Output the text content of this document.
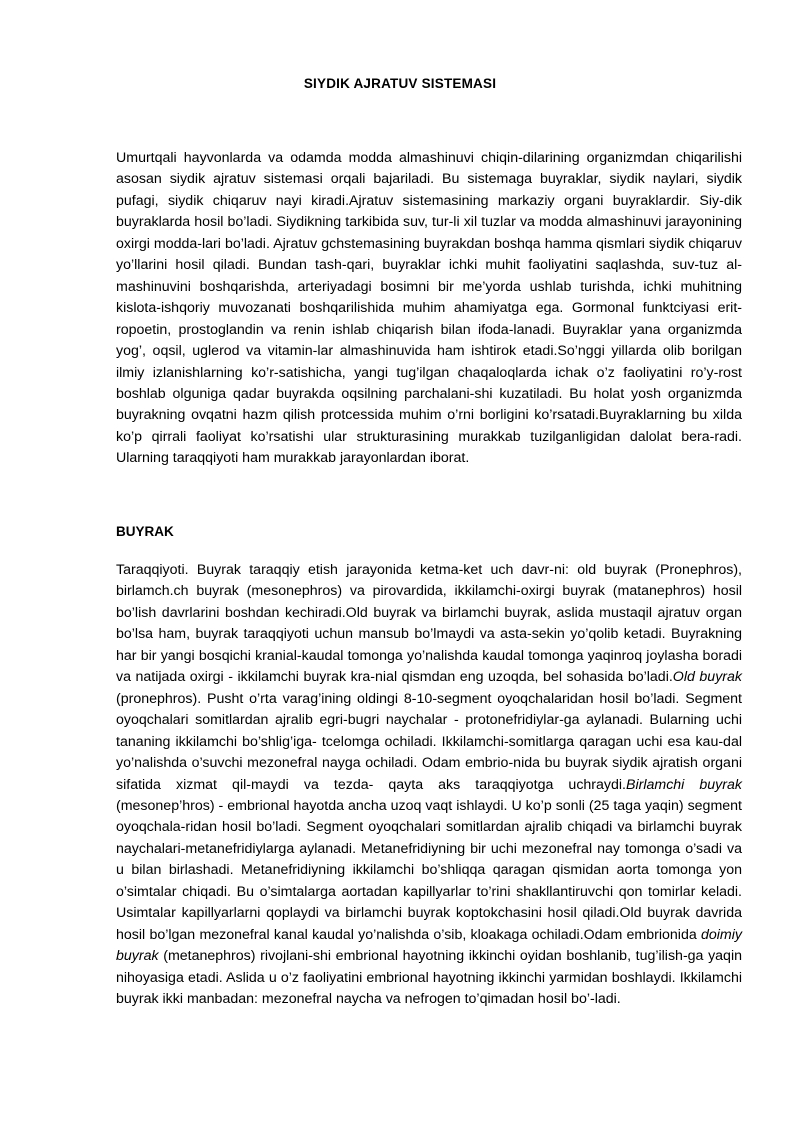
SIYDIK AJRATUV SISTEMASI

Umurtqali hayvonlarda va odamda modda almashinuvi chiqin-dilarining organizmdan chiqarilishi asosan siydik ajratuv sistemasi orqali bajariladi. Bu sistemaga buyraklar, siydik naylari, siydik pufagi, siydik chiqaruv nayi kiradi.Ajratuv sistemasining markaziy organi buyraklardir. Siy-dik buyraklarda hosil bo’ladi. Siydikning tarkibida suv, tur-li xil tuzlar va modda almashinuvi jarayonining oxirgi modda-lari bo’ladi. Ajratuv gchstemasining buyrakdan boshqa hamma qismlari siydik chiqaruv yo’llarini hosil qiladi. Bundan tash-qari, buyraklar ichki muhit faoliyatini saqlashda, suv-tuz al-mashinuvini boshqarishda, arteriyadagi bosimni bir me’yorda ushlab turishda, ichki muhitning kislota-ishqoriy muvozanati boshqarilishida muhim ahamiyatga ega. Gormonal funktciyasi erit-ropoetin, prostoglandin va renin ishlab chiqarish bilan ifoda-lanadi. Buyraklar yana organizmda yog’, oqsil, uglerod va vitamin-lar almashinuvida ham ishtirok etadi.So’nggi yillarda olib borilgan ilmiy izlanishlarning ko’r-satishicha, yangi tug’ilgan chaqaloqlarda ichak o’z faoliyatini ro’y-rost boshlab olguniga qadar buyrakda oqsilning parchalani-shi kuzatiladi. Bu holat yosh organizmda buyrakning ovqatni hazm qilish protcessida muhim o’rni borligini ko’rsatadi.Buyraklarning bu xilda ko’p qirrali faoliyat ko’rsatishi ular strukturasining murakkab tuzilganligidan dalolat bera-radi. Ularning taraqqiyoti ham murakkab jarayonlardan iborat.

BUYRAK

Taraqqiyoti. Buyrak taraqqiy etish jarayonida ketma-ket uch davr-ni: old buyrak (Pronephros), birlamch.ch buyrak (mesonephros) va pirovardida, ikkilamchi-oxirgi buyrak (matanephros) hosil bo’lish davrlarini boshdan kechiradi.Old buyrak va birlamchi buyrak, aslida mustaqil ajratuv organ bo’lsa ham, buyrak taraqqiyoti uchun mansub bo’lmaydi va asta-sekin yo’qolib ketadi. Buyrakning har bir yangi bosqichi kranial-kaudal tomonga yo’nalishda kaudal tomonga yaqinroq joylasha boradi va natijada oxirgi - ikkilamchi buyrak kra-nial qismdan eng uzoqda, bel sohasida bo’ladi.Old buyrak (pronephros). Pusht o’rta varag’ining oldingi 8-10-segment oyoqchalaridan hosil bo’ladi. Segment oyoqchalari somitlardan ajralib egri-bugri naychalar - protonefridiylar-ga aylanadi. Bularning uchi tananing ikkilamchi bo’shlig’iga- tcelomga ochiladi. Ikkilamchi-somitlarga qaragan uchi esa kau-dal yo’nalishda o’suvchi mezonefral nayga ochiladi. Odam embrio-nida bu buyrak siydik ajratish organi sifatida xizmat qil-maydi va tezda- qayta aks taraqqiyotga uchraydi.Birlamchi buyrak (mesonep’hros) - embrional hayotda ancha uzoq vaqt ishlaydi. U ko’p sonli (25 taga yaqin) segment oyoqchala-ridan hosil bo’ladi. Segment oyoqchalari somitlardan ajralib chiqadi va birlamchi buyrak naychalari-metanefridiylarga aylanadi. Metanefridiyning bir uchi mezonefral nay tomonga o’sadi va u bilan birlashadi. Metanefridiyning ikkilamchi bo’shliqqa qaragan qismidan aorta tomonga yon o’simtalar chiqadi. Bu o’simtalarga aortadan kapillyarlar to’rini shakllantiruvchi qon tomirlar keladi. Usimtalar kapillyarlarni qoplaydi va birlamchi buyrak koptokchasini hosil qiladi.Old buyrak davrida hosil bo’lgan mezonefral kanal kaudal yo’nalishda o’sib, kloakaga ochiladi.Odam embrionida doimiy buyrak (metanephros) rivojlani-shi embrional hayotning ikkinchi oyidan boshlanib, tug’ilish-ga yaqin nihoyasiga etadi. Aslida u o’z faoliyatini embrional hayotning ikkinchi yarmidan boshlaydi. Ikkilamchi buyrak ikki manbadan: mezonefral naycha va nefrogen to’qimadan hosil bo’-ladi.
